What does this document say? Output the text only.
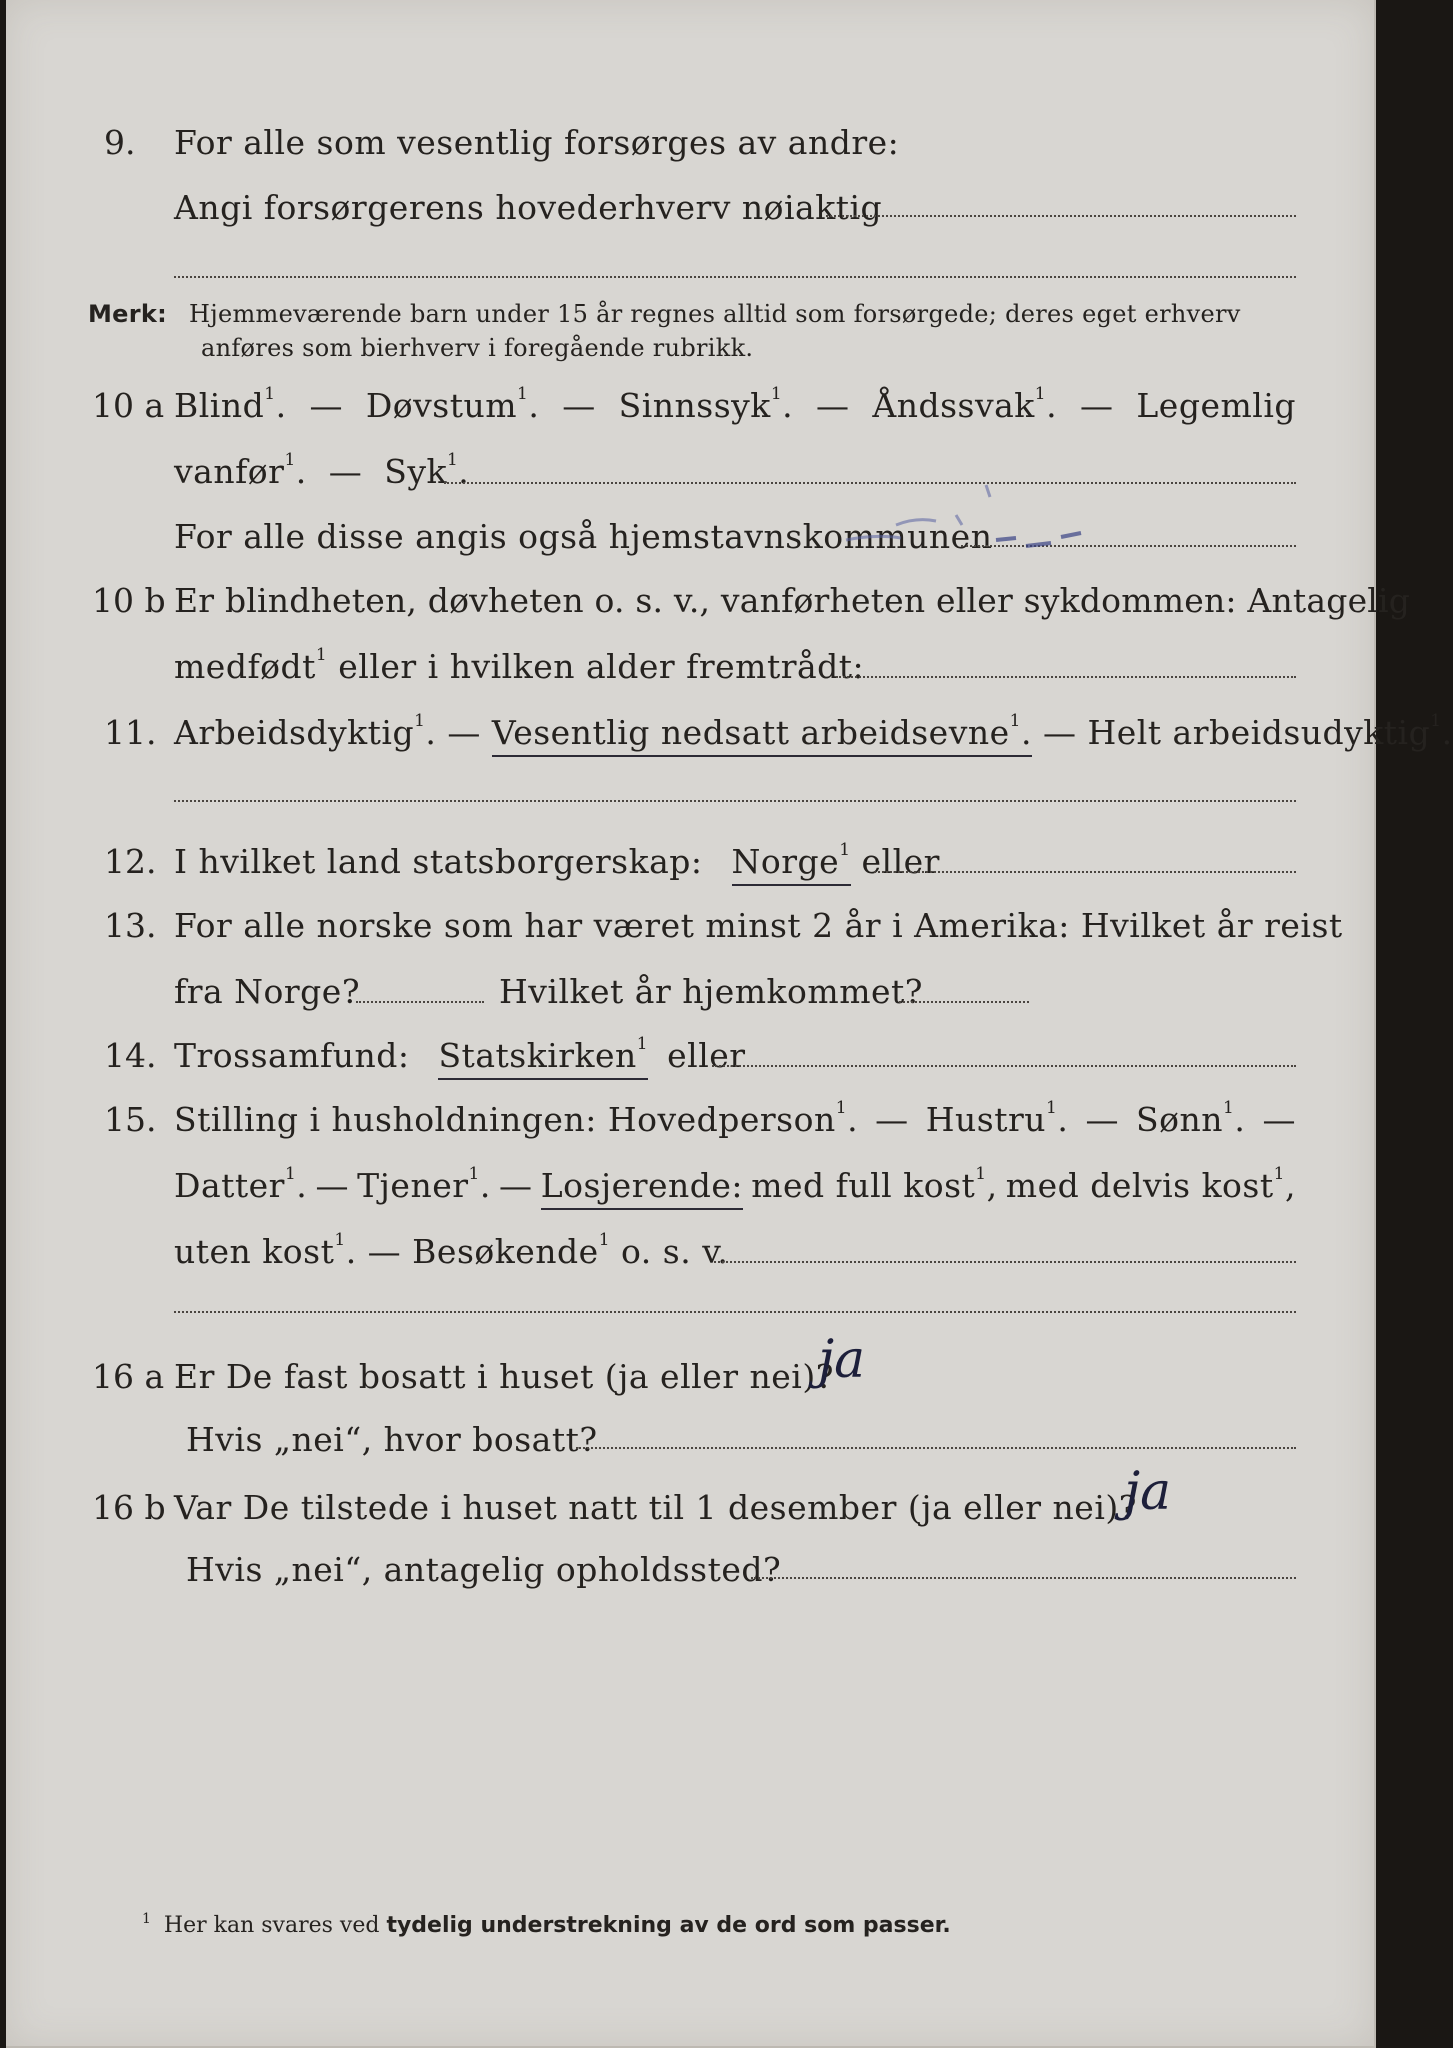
9. For alle som vesentlig forsørges av andre:
Angi forsørgerens hovederhverv nøiaktig
Merk: Hjemmeværende barn under 15 år regnes alltid som forsørgede; deres eget erhverv
anføres som bierhverv i foregående rubrikk.
10 a Blind$^1$. — Døvstum$^1$. — Sinnssyk$^1$. — Åndssvak$^1$. — Legemlig
vanfør$^1$.  —  Syk$^1$.
For alle disse angis også hjemstavnskommunen
10 b Er blindheten, døvheten o. s. v., vanførheten eller sykdommen: Antagelig
medfødt$^1$ eller i hvilken alder fremtrådt:
11. Arbeidsdyktig$^1$. — Vesentlig nedsatt arbeidsevne$^1$. — Helt arbeidsudyktig$^1$.
12. I hvilket land statsborgerskap: Norge$^1$ eller
13. For alle norske som har været minst 2 år i Amerika: Hvilket år reist
fra Norge?	Hvilket år hjemkommet?
14. Trossamfund: Statskirken$^1$ eller
15. Stilling i husholdningen: Hovedperson$^1$. — Hustru$^1$. — Sønn$^1$. —
Datter$^1$. — Tjener$^1$. — Losjerende: med full kost$^1$, med delvis kost$^1$,
uten kost$^1$. — Besøkende$^1$ o. s. v.
16 a Er De fast bosatt i huset (ja eller nei)?
ja
Hvis „nei“, hvor bosatt?
16 b Var De tilstede i huset natt til 1 desember (ja eller nei)?
ja
Hvis „nei“, antagelig opholdssted?
$^1$ Her kan svares ved tydelig understrekning av de ord som passer.
